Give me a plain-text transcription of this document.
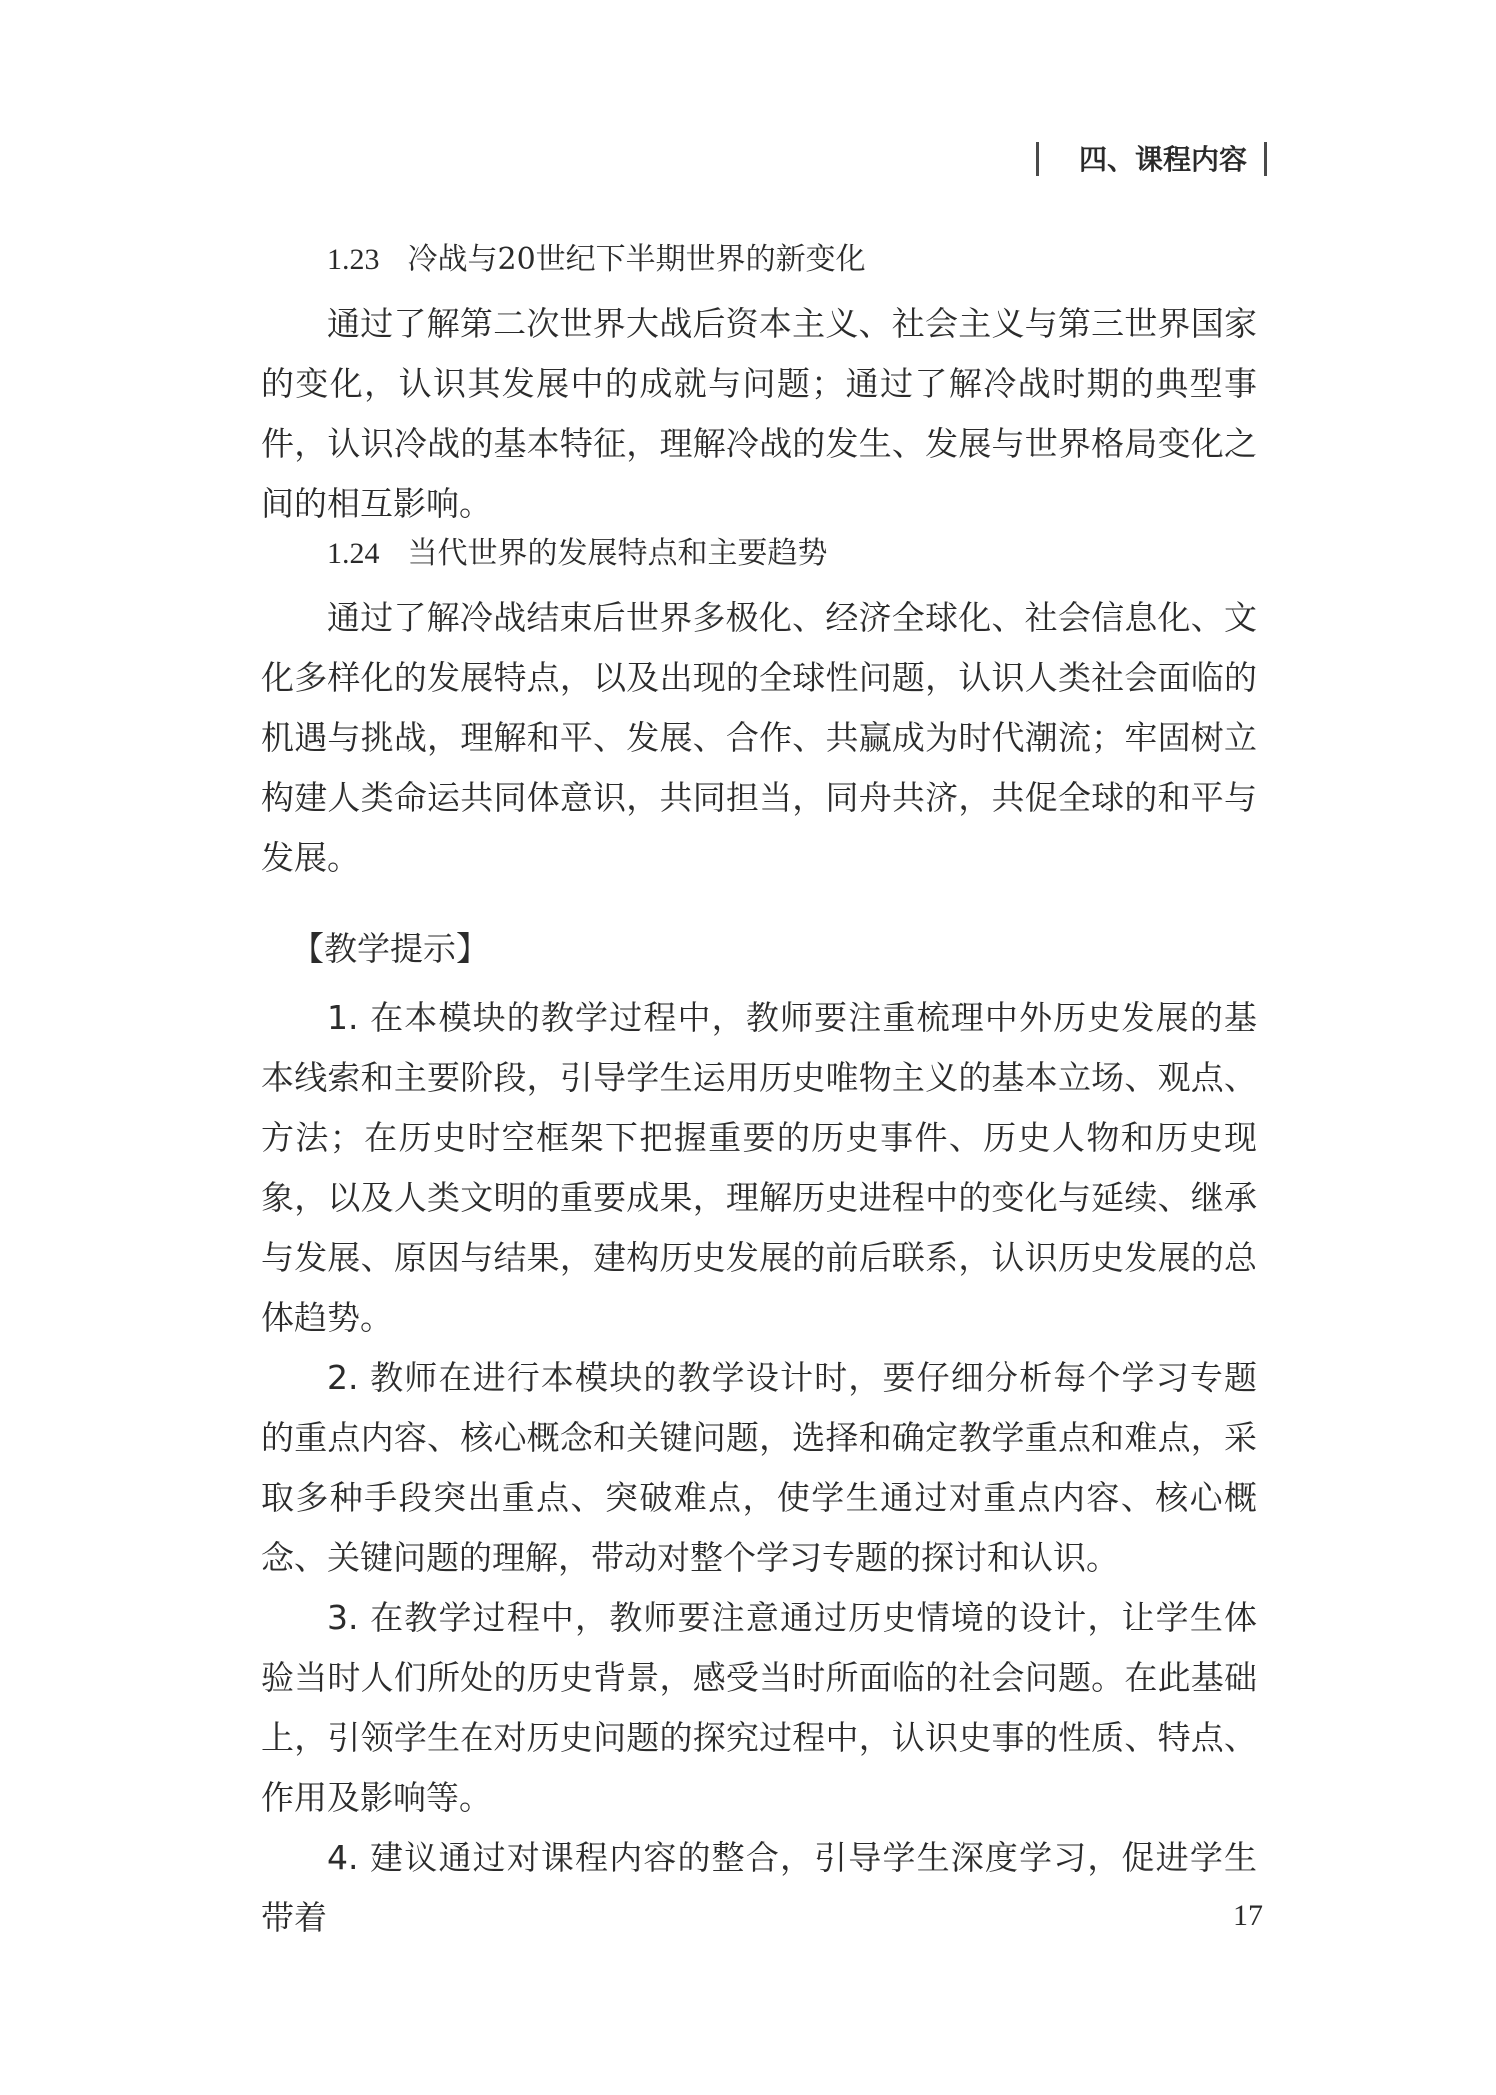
四、课程内容
1.23 冷战与20世纪下半期世界的新变化

通过了解第二次世界大战后资本主义、社会主义与第三世界国家的变化，认识其发展中的成就与问题；通过了解冷战时期的典型事件，认识冷战的基本特征，理解冷战的发生、发展与世界格局变化之间的相互影响。

1.24 当代世界的发展特点和主要趋势

通过了解冷战结束后世界多极化、经济全球化、社会信息化、文化多样化的发展特点，以及出现的全球性问题，认识人类社会面临的机遇与挑战，理解和平、发展、合作、共赢成为时代潮流；牢固树立构建人类命运共同体意识，共同担当，同舟共济，共促全球的和平与发展。

【教学提示】

1. 在本模块的教学过程中，教师要注重梳理中外历史发展的基本线索和主要阶段，引导学生运用历史唯物主义的基本立场、观点、方法；在历史时空框架下把握重要的历史事件、历史人物和历史现象，以及人类文明的重要成果，理解历史进程中的变化与延续、继承与发展、原因与结果，建构历史发展的前后联系，认识历史发展的总体趋势。

2. 教师在进行本模块的教学设计时，要仔细分析每个学习专题的重点内容、核心概念和关键问题，选择和确定教学重点和难点，采取多种手段突出重点、突破难点，使学生通过对重点内容、核心概念、关键问题的理解，带动对整个学习专题的探讨和认识。

3. 在教学过程中，教师要注意通过历史情境的设计，让学生体验当时人们所处的历史背景，感受当时所面临的社会问题。在此基础上，引领学生在对历史问题的探究过程中，认识史事的性质、特点、作用及影响等。

4. 建议通过对课程内容的整合，引导学生深度学习，促进学生带着	17
